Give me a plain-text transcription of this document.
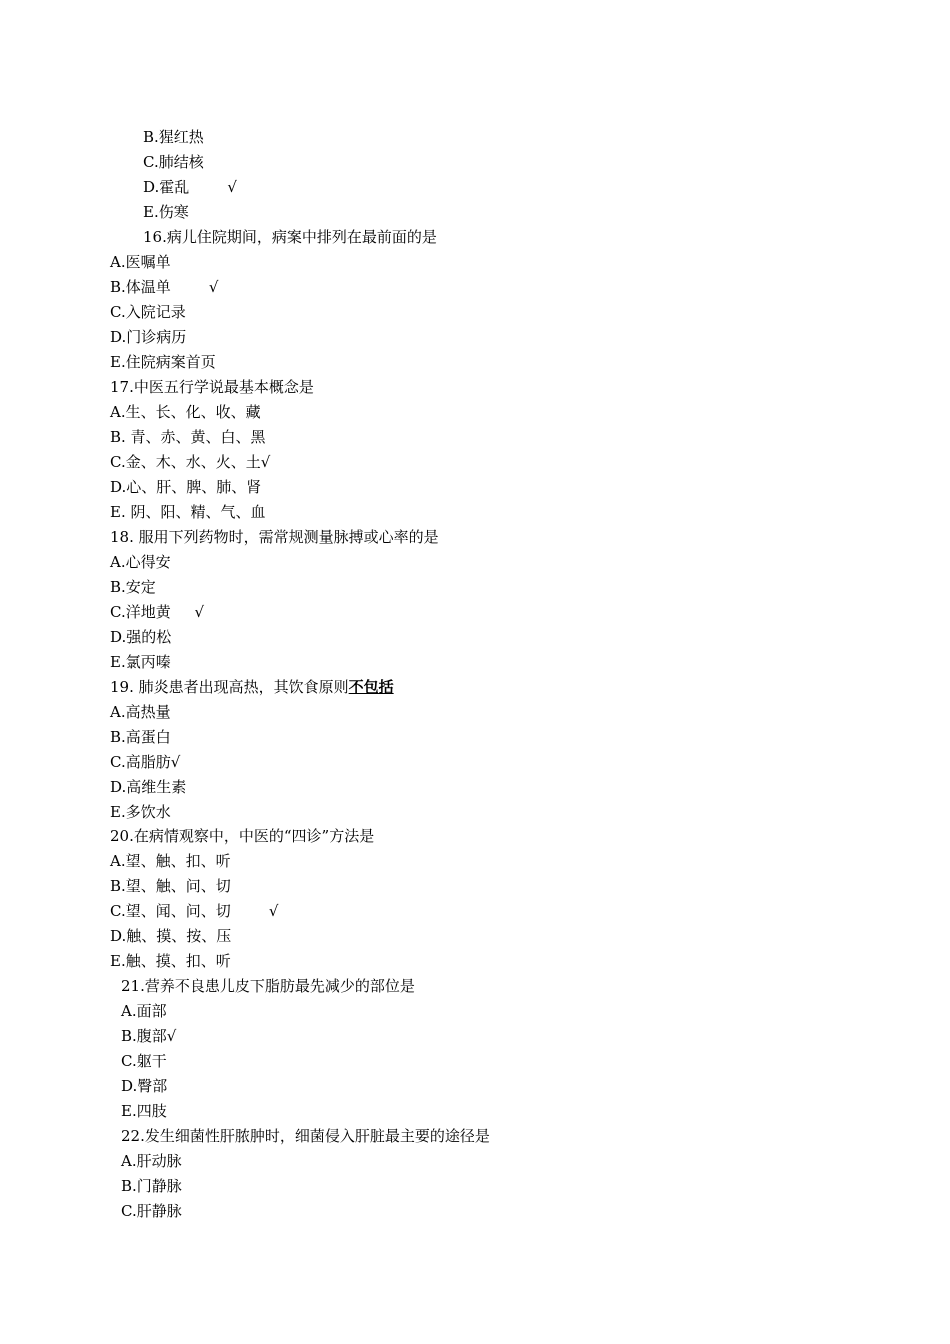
B.猩红热
C.肺结核
D.霍乱        √
E.伤寒
16.病儿住院期间，病案中排列在最前面的是
A.医嘱单
B.体温单        √
C.入院记录
D.门诊病历
E.住院病案首页
17.中医五行学说最基本概念是
A.生、长、化、收、藏
B. 青、赤、黄、白、黑
C.金、木、水、火、土√
D.心、肝、脾、肺、肾
E. 阴、阳、精、气、血
18. 服用下列药物时，需常规测量脉搏或心率的是
A.心得安
B.安定
C.洋地黄     √
D.强的松
E.氯丙嗪
19. 肺炎患者出现高热，其饮食原则不包括
A.高热量
B.高蛋白
C.高脂肪√
D.高维生素
E.多饮水
20.在病情观察中，中医的“四诊”方法是
A.望、触、扣、听
B.望、触、问、切
C.望、闻、问、切        √
D.触、摸、按、压
E.触、摸、扣、听
21.营养不良患儿皮下脂肪最先减少的部位是
A.面部
B.腹部√
C.躯干
D.臀部
E.四肢
22.发生细菌性肝脓肿时，细菌侵入肝脏最主要的途径是
A.肝动脉
B.门静脉
C.肝静脉
